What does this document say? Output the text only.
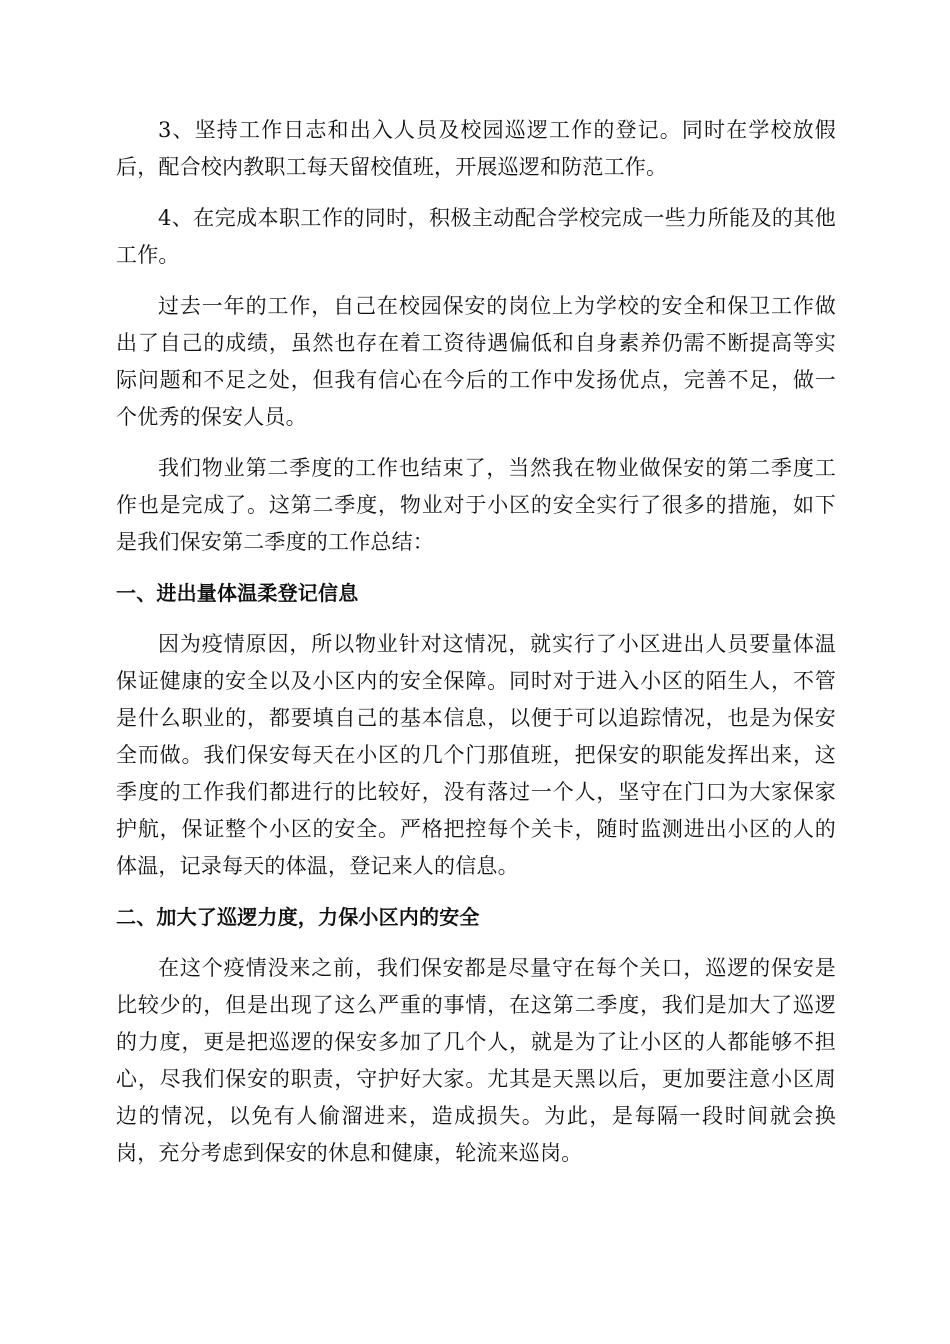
3、坚持工作日志和出入人员及校园巡逻工作的登记。同时在学校放假后，配合校内教职工每天留校值班，开展巡逻和防范工作。

4、在完成本职工作的同时，积极主动配合学校完成一些力所能及的其他工作。

过去一年的工作，自己在校园保安的岗位上为学校的安全和保卫工作做出了自己的成绩，虽然也存在着工资待遇偏低和自身素养仍需不断提高等实际问题和不足之处，但我有信心在今后的工作中发扬优点，完善不足，做一个优秀的保安人员。

我们物业第二季度的工作也结束了，当然我在物业做保安的第二季度工作也是完成了。这第二季度，物业对于小区的安全实行了很多的措施，如下是我们保安第二季度的工作总结：

一、进出量体温柔登记信息

因为疫情原因，所以物业针对这情况，就实行了小区进出人员要量体温保证健康的安全以及小区内的安全保障。同时对于进入小区的陌生人，不管是什么职业的，都要填自己的基本信息，以便于可以追踪情况，也是为保安全而做。我们保安每天在小区的几个门那值班，把保安的职能发挥出来，这季度的工作我们都进行的比较好，没有落过一个人，坚守在门口为大家保家护航，保证整个小区的安全。严格把控每个关卡，随时监测进出小区的人的体温，记录每天的体温，登记来人的信息。

二、加大了巡逻力度，力保小区内的安全

在这个疫情没来之前，我们保安都是尽量守在每个关口，巡逻的保安是比较少的，但是出现了这么严重的事情，在这第二季度，我们是加大了巡逻的力度，更是把巡逻的保安多加了几个人，就是为了让小区的人都能够不担心，尽我们保安的职责，守护好大家。尤其是天黑以后，更加要注意小区周边的情况，以免有人偷溜进来，造成损失。为此，是每隔一段时间就会换岗，充分考虑到保安的休息和健康，轮流来巡岗。
